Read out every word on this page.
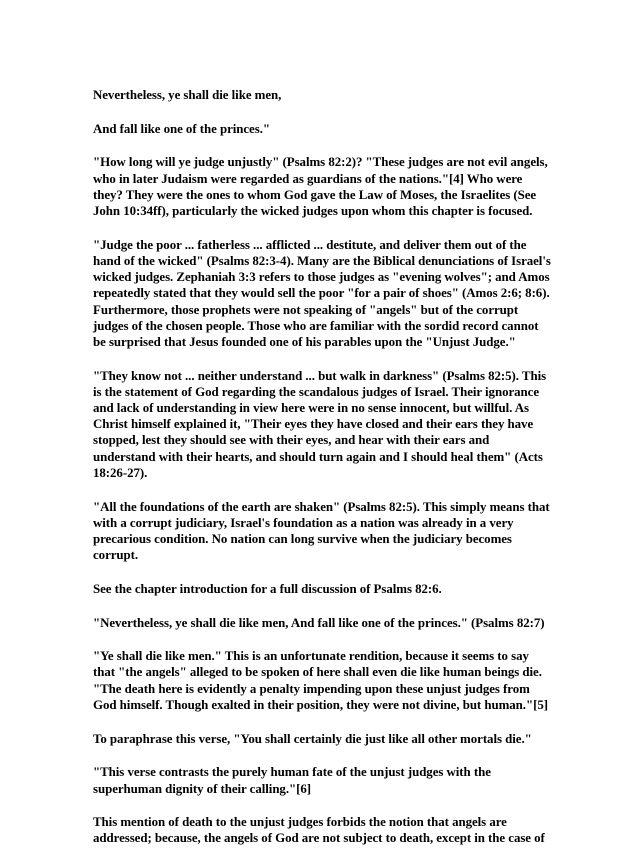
Nevertheless, ye shall die like men,

And fall like one of the princes."

"How long will ye judge unjustly" (Psalms 82:2)? "These judges are not evil angels,
who in later Judaism were regarded as guardians of the nations."[4] Who were
they? They were the ones to whom God gave the Law of Moses, the Israelites (See
John 10:34ff), particularly the wicked judges upon whom this chapter is focused.

"Judge the poor ... fatherless ... afflicted ... destitute, and deliver them out of the
hand of the wicked" (Psalms 82:3-4). Many are the Biblical denunciations of Israel's
wicked judges. Zephaniah 3:3 refers to those judges as "evening wolves"; and Amos
repeatedly stated that they would sell the poor "for a pair of shoes" (Amos 2:6; 8:6).
Furthermore, those prophets were not speaking of "angels" but of the corrupt
judges of the chosen people. Those who are familiar with the sordid record cannot
be surprised that Jesus founded one of his parables upon the "Unjust Judge."

"They know not ... neither understand ... but walk in darkness" (Psalms 82:5). This
is the statement of God regarding the scandalous judges of Israel. Their ignorance
and lack of understanding in view here were in no sense innocent, but willful. As
Christ himself explained it, "Their eyes they have closed and their ears they have
stopped, lest they should see with their eyes, and hear with their ears and
understand with their hearts, and should turn again and I should heal them" (Acts
18:26-27).

"All the foundations of the earth are shaken" (Psalms 82:5). This simply means that
with a corrupt judiciary, Israel's foundation as a nation was already in a very
precarious condition. No nation can long survive when the judiciary becomes
corrupt.

See the chapter introduction for a full discussion of Psalms 82:6.

"Nevertheless, ye shall die like men, And fall like one of the princes." (Psalms 82:7)

"Ye shall die like men." This is an unfortunate rendition, because it seems to say
that "the angels" alleged to be spoken of here shall even die like human beings die.
"The death here is evidently a penalty impending upon these unjust judges from
God himself. Though exalted in their position, they were not divine, but human."[5]

To paraphrase this verse, "You shall certainly die just like all other mortals die."

"This verse contrasts the purely human fate of the unjust judges with the
superhuman dignity of their calling."[6]

This mention of death to the unjust judges forbids the notion that angels are
addressed; because, the angels of God are not subject to death, except in the case of
